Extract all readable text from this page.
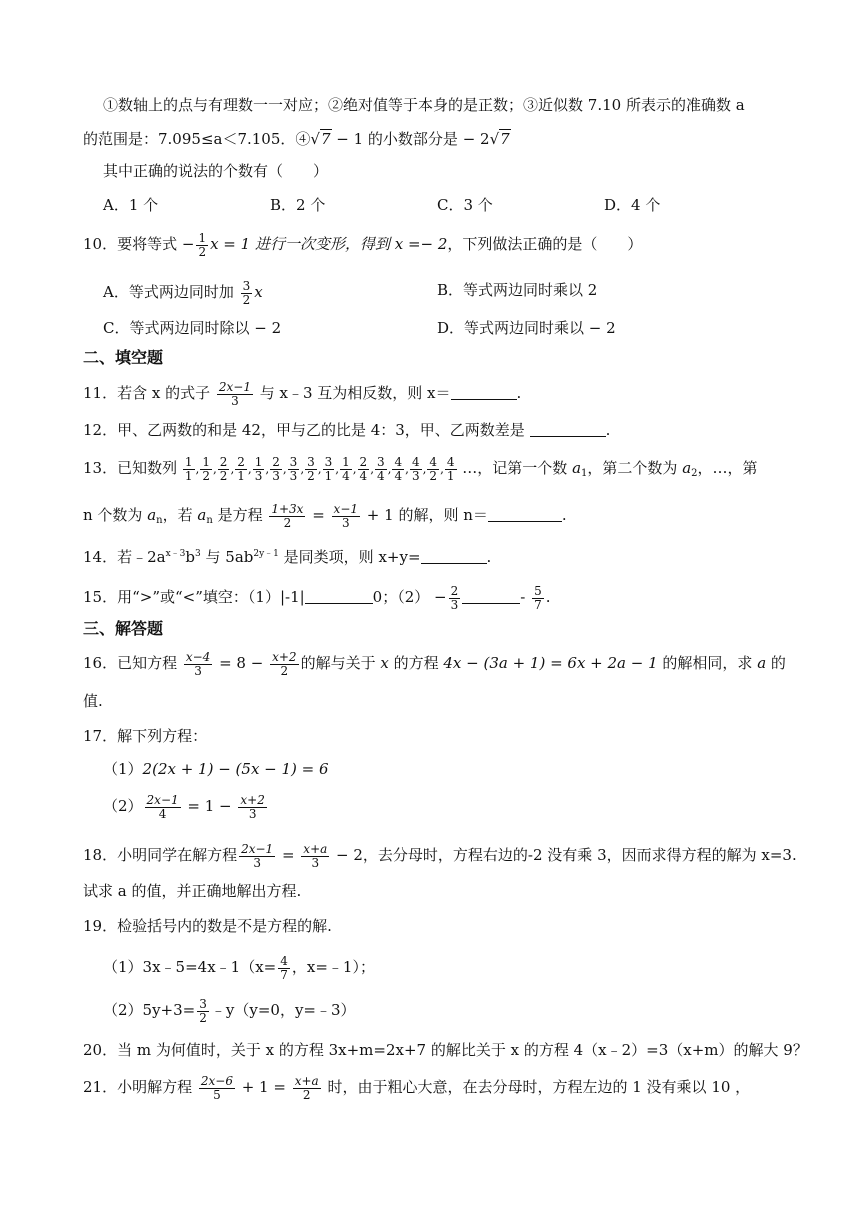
①数轴上的点与有理数一一对应；②绝对值等于本身的是正数；③近似数 7.10 所表示的准确数 a
的范围是：7.095≤a＜7.105．④√7 − 1 的小数部分是 − 2√7
其中正确的说法的个数有（　　）
A．1 个	B．2 个	C．3 个	D．4 个
10．要将等式 − $\frac{1}{2}$ x = 1 进行一次变形，得到 x =− 2，下列做法正确的是（　　）
A．等式两边同时加 $\frac{3}{2}$ x	B．等式两边同时乘以 2
C．等式两边同时除以 − 2	D．等式两边同时乘以 − 2
二、填空题
11．若含 x 的式子 $\frac{2x-1}{3}$ 与 x﹣3 互为相反数，则 x＝	.
12．甲、乙两数的和是 42，甲与乙的比是 4：3，甲、乙两数差是	.
13．已知数列 $\frac{1}{1}$ , $\frac{1}{2}$ , $\frac{2}{2}$ , $\frac{2}{1}$ , $\frac{1}{3}$ , $\frac{2}{3}$ , $\frac{3}{3}$ , $\frac{3}{2}$ , $\frac{3}{1}$ , $\frac{1}{4}$ , $\frac{2}{4}$ , $\frac{3}{4}$ , $\frac{4}{4}$ , $\frac{4}{3}$ , $\frac{4}{2}$ , $\frac{4}{1}$ …，记第一个数 $a_1$，第二个数为 $a_2$，…，第
n 个数为 $a_n$，若 $a_n$ 是方程 $\frac{1+3x}{2} = \frac{x-1}{3} + 1$ 的解，则 n＝	.
14．若$﹣2a^{x﹣3}b^3$ 与 $5ab^{2y﹣1}$ 是同类项，则 x+y=	.
15．用“>”或“<”填空：（1）|-1|	0；$(2) - \frac{2}{3}$	- $\frac{5}{7}$ .
三、解答题
16．已知方程 $\frac{x-4}{3} = 8 - \frac{x+2}{2}$ 的解与关于 x 的方程 4x − (3a + 1) = 6x + 2a − 1 的解相同，求 a 的
值.
17．解下列方程：
（1）2(2x + 1) − (5x − 1) = 6
$(2) \frac{2x-1}{4} = 1 - \frac{x+2}{3}$
18．小明同学在解方程 $\frac{2x-1}{3} = \frac{x+a}{3} - 2$，去分母时，方程右边的-2 没有乘 3，因而求得方程的解为 x=3.
试求 a 的值，并正确地解出方程.
19．检验括号内的数是不是方程的解.
（1）3x﹣5=4x﹣1（x= $\frac{4}{7}$ ，x=﹣1）；
$(2)5y+3= \frac{3}{2}$ ﹣y（y=0，y=﹣3）
20．当 m 为何值时，关于 x 的方程 3x+m=2x+7 的解比关于 x 的方程 4（x﹣2）=3（x+m）的解大 9？
21．小明解方程 $\frac{2x-6}{5} + 1 = \frac{x+a}{2}$ 时，由于粗心大意，在去分母时，方程左边的 1 没有乘以 10 ，
